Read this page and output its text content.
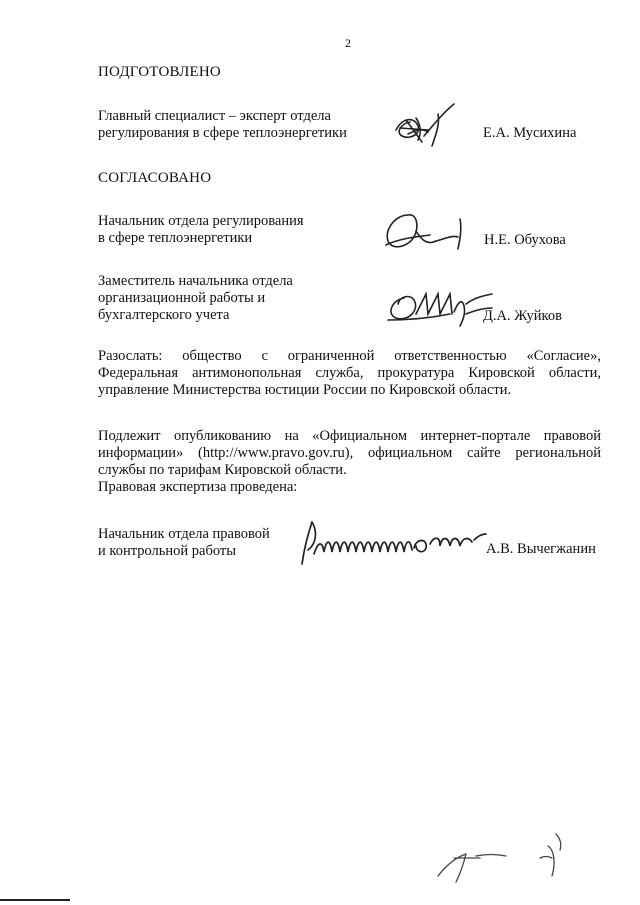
2
ПОДГОТОВЛЕНО
Главный специалист – эксперт отдела
регулирования в сфере теплоэнергетики	Е.А. Мусихина
СОГЛАСОВАНО
Начальник отдела регулирования
в сфере теплоэнергетики	Н.Е. Обухова
Заместитель начальника отдела
организационной работы и
бухгалтерского учета	Д.А. Жуйков
Разослать: общество с ограниченной ответственностью «Согласие»,
Федеральная антимонопольная служба, прокуратура Кировской области,
управление Министерства юстиции России по Кировской области.
Подлежит опубликованию на «Официальном интернет-портале правовой
информации» (http://www.pravo.gov.ru), официальном сайте региональной
службы по тарифам Кировской области.
Правовая экспертиза проведена:
Начальник отдела правовой
и контрольной работы	А.В. Вычегжанин
